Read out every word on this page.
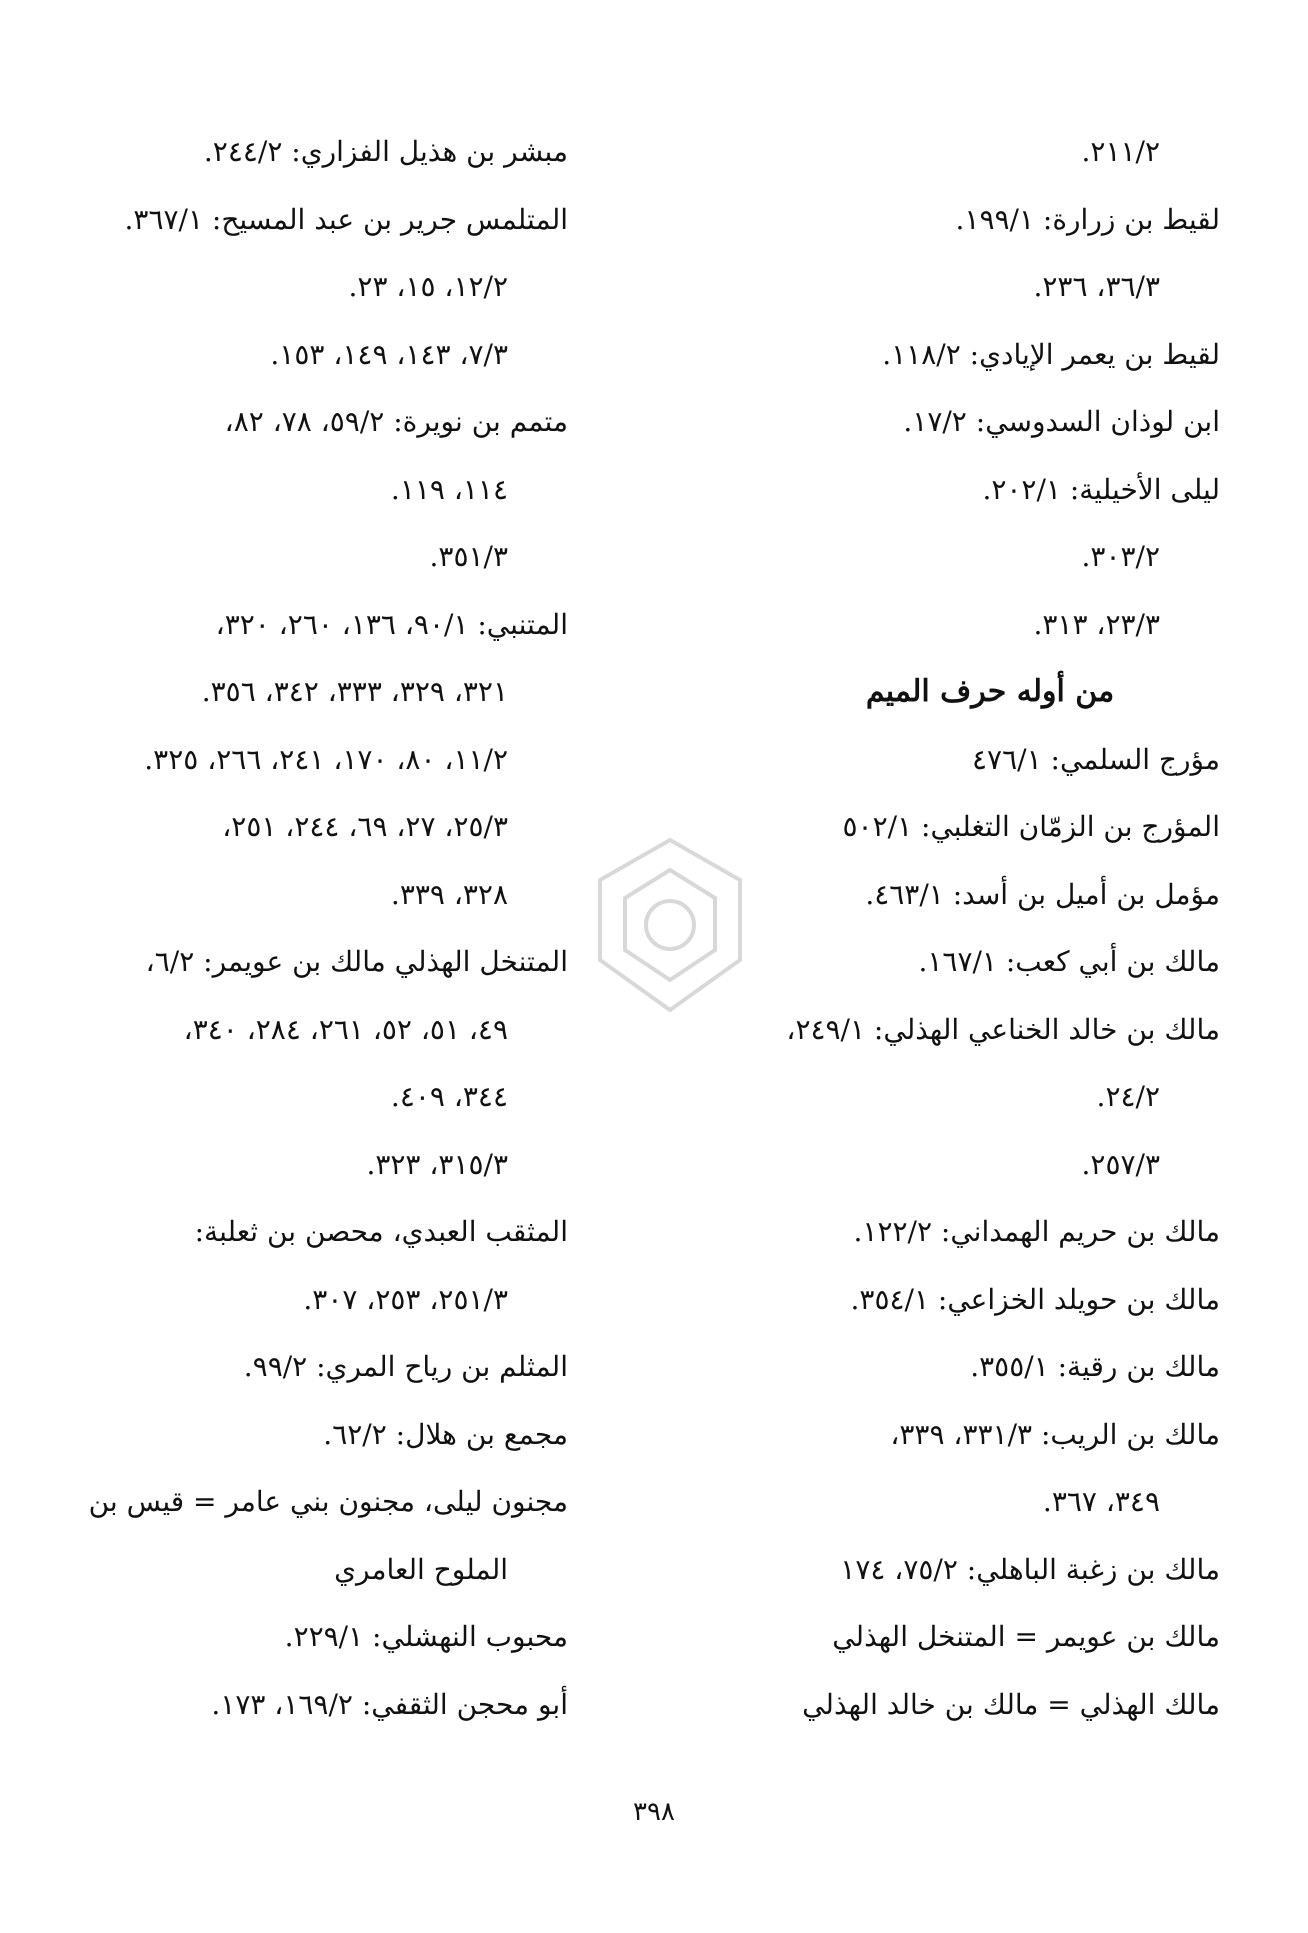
٢١١/٢.
لقيط بن زرارة: ١٩٩/١.
٣٦/٣، ٢٣٦.
لقيط بن يعمر الإيادي: ١١٨/٢.
ابن لوذان السدوسي: ١٧/٢.
ليلى الأخيلية: ٢٠٢/١.
٣٠٣/٢.
٢٣/٣، ٣١٣.
من أوله حرف الميم
مؤرج السلمي: ٤٧٦/١
المؤرج بن الزمّان التغلبي: ٥٠٢/١
مؤمل بن أميل بن أسد: ٤٦٣/١.
مالك بن أبي كعب: ١٦٧/١.
مالك بن خالد الخناعي الهذلي: ٢٤٩/١،
٢٤/٢.
٢٥٧/٣.
مالك بن حريم الهمداني: ١٢٢/٢.
مالك بن حويلد الخزاعي: ٣٥٤/١.
مالك بن رقية: ٣٥٥/١.
مالك بن الريب: ٣٣١/٣، ٣٣٩،
٣٤٩، ٣٦٧.
مالك بن زغبة الباهلي: ٧٥/٢، ١٧٤
مالك بن عويمر = المتنخل الهذلي
مالك الهذلي = مالك بن خالد الهذلي
مبشر بن هذيل الفزاري: ٢٤٤/٢.
المتلمس جرير بن عبد المسيح: ٣٦٧/١.
١٢/٢، ١٥، ٢٣.
٧/٣، ١٤٣، ١٤٩، ١٥٣.
متمم بن نويرة: ٥٩/٢، ٧٨، ٨٢،
١١٤، ١١٩.
٣٥١/٣.
المتنبي: ٩٠/١، ١٣٦، ٢٦٠، ٣٢٠،
٣٢١، ٣٢٩، ٣٣٣، ٣٤٢، ٣٥٦.
١١/٢، ٨٠، ١٧٠، ٢٤١، ٢٦٦، ٣٢٥.
٢٥/٣، ٢٧، ٦٩، ٢٤٤، ٢٥١،
٣٢٨، ٣٣٩.
المتنخل الهذلي مالك بن عويمر: ٦/٢،
٤٩، ٥١، ٥٢، ٢٦١، ٢٨٤، ٣٤٠،
٣٤٤، ٤٠٩.
٣١٥/٣، ٣٢٣.
المثقب العبدي، محصن بن ثعلبة:
٢٥١/٣، ٢٥٣، ٣٠٧.
المثلم بن رياح المري: ٩٩/٢.
مجمع بن هلال: ٦٢/٢.
مجنون ليلى، مجنون بني عامر = قيس بن
الملوح العامري
محبوب النهشلي: ٢٢٩/١.
أبو محجن الثقفي: ١٦٩/٢، ١٧٣.
٣٩٨
